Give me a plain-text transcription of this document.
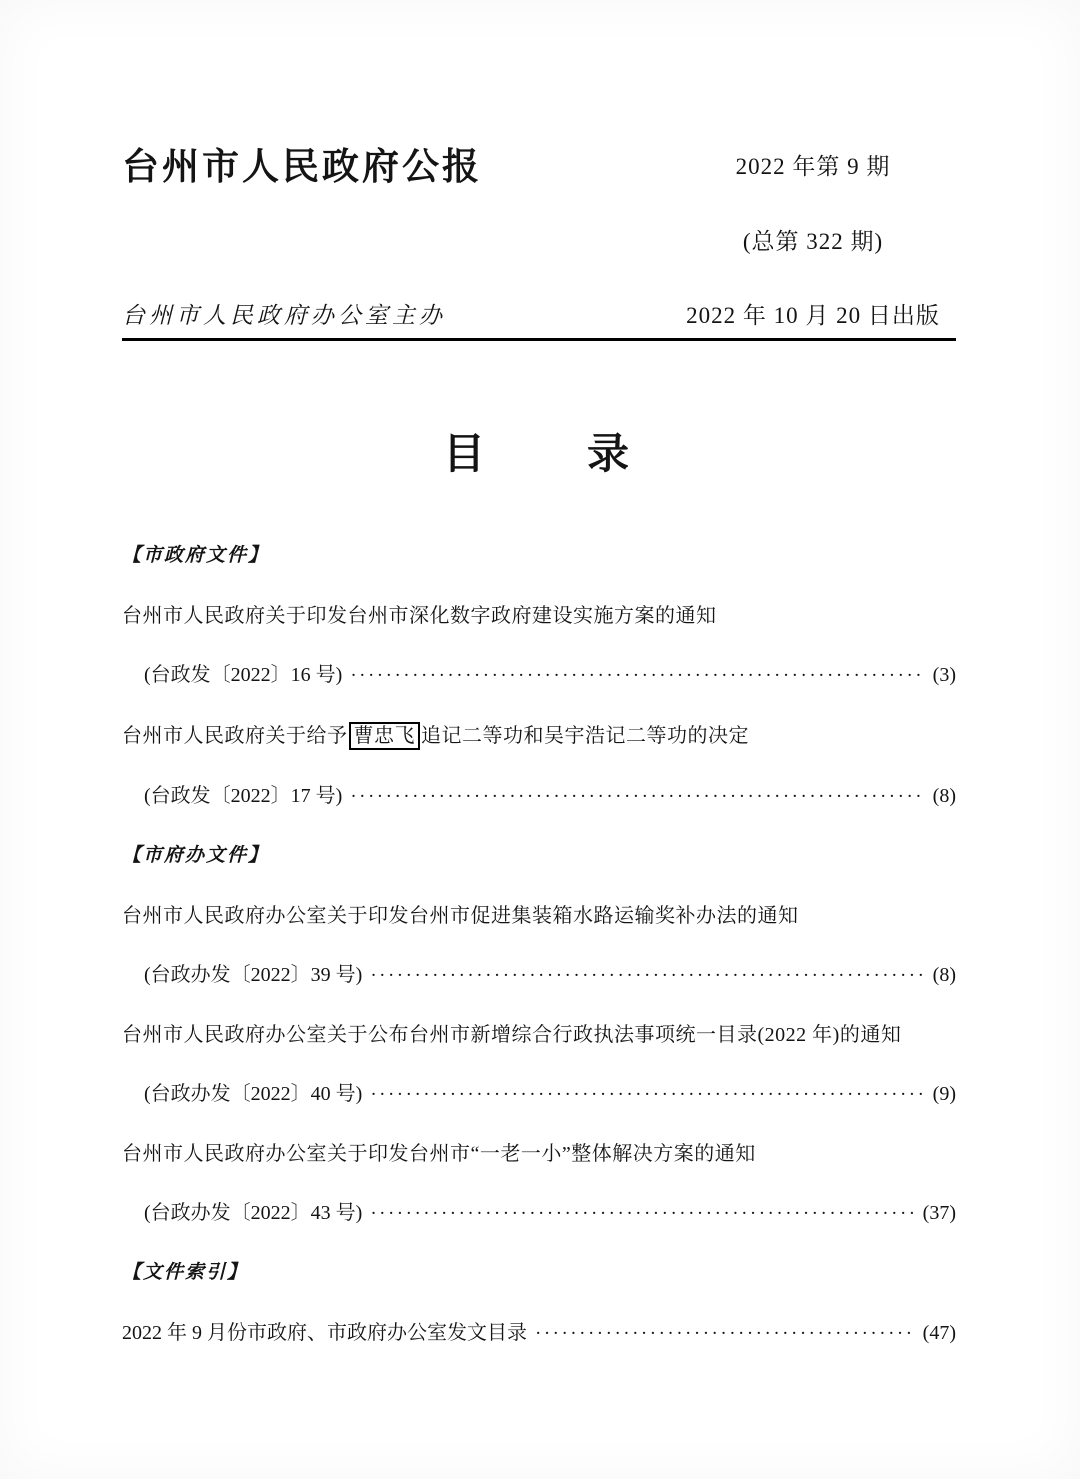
台州市人民政府公报
台州市人民政府办公室主办
2022 年第 9 期
(总第 322 期)
2022 年 10 月 20 日出版
目　　录
【市政府文件】
台州市人民政府关于印发台州市深化数字政府建设实施方案的通知
(台政发〔2022〕16 号) ·····	(3)
台州市人民政府关于给予 曹忠飞 追记二等功和吴宇浩记二等功的决定
(台政发〔2022〕17 号) ·····	(8)
【市府办文件】
台州市人民政府办公室关于印发台州市促进集装箱水路运输奖补办法的通知
(台政办发〔2022〕39 号) ·····	(8)
台州市人民政府办公室关于公布台州市新增综合行政执法事项统一目录(2022 年)的通知
(台政办发〔2022〕40 号) ·····	(9)
台州市人民政府办公室关于印发台州市“一老一小”整体解决方案的通知
(台政办发〔2022〕43 号) ·····	(37)
【文件索引】
2022 年 9 月份市政府、市政府办公室发文目录 ·····	(47)
